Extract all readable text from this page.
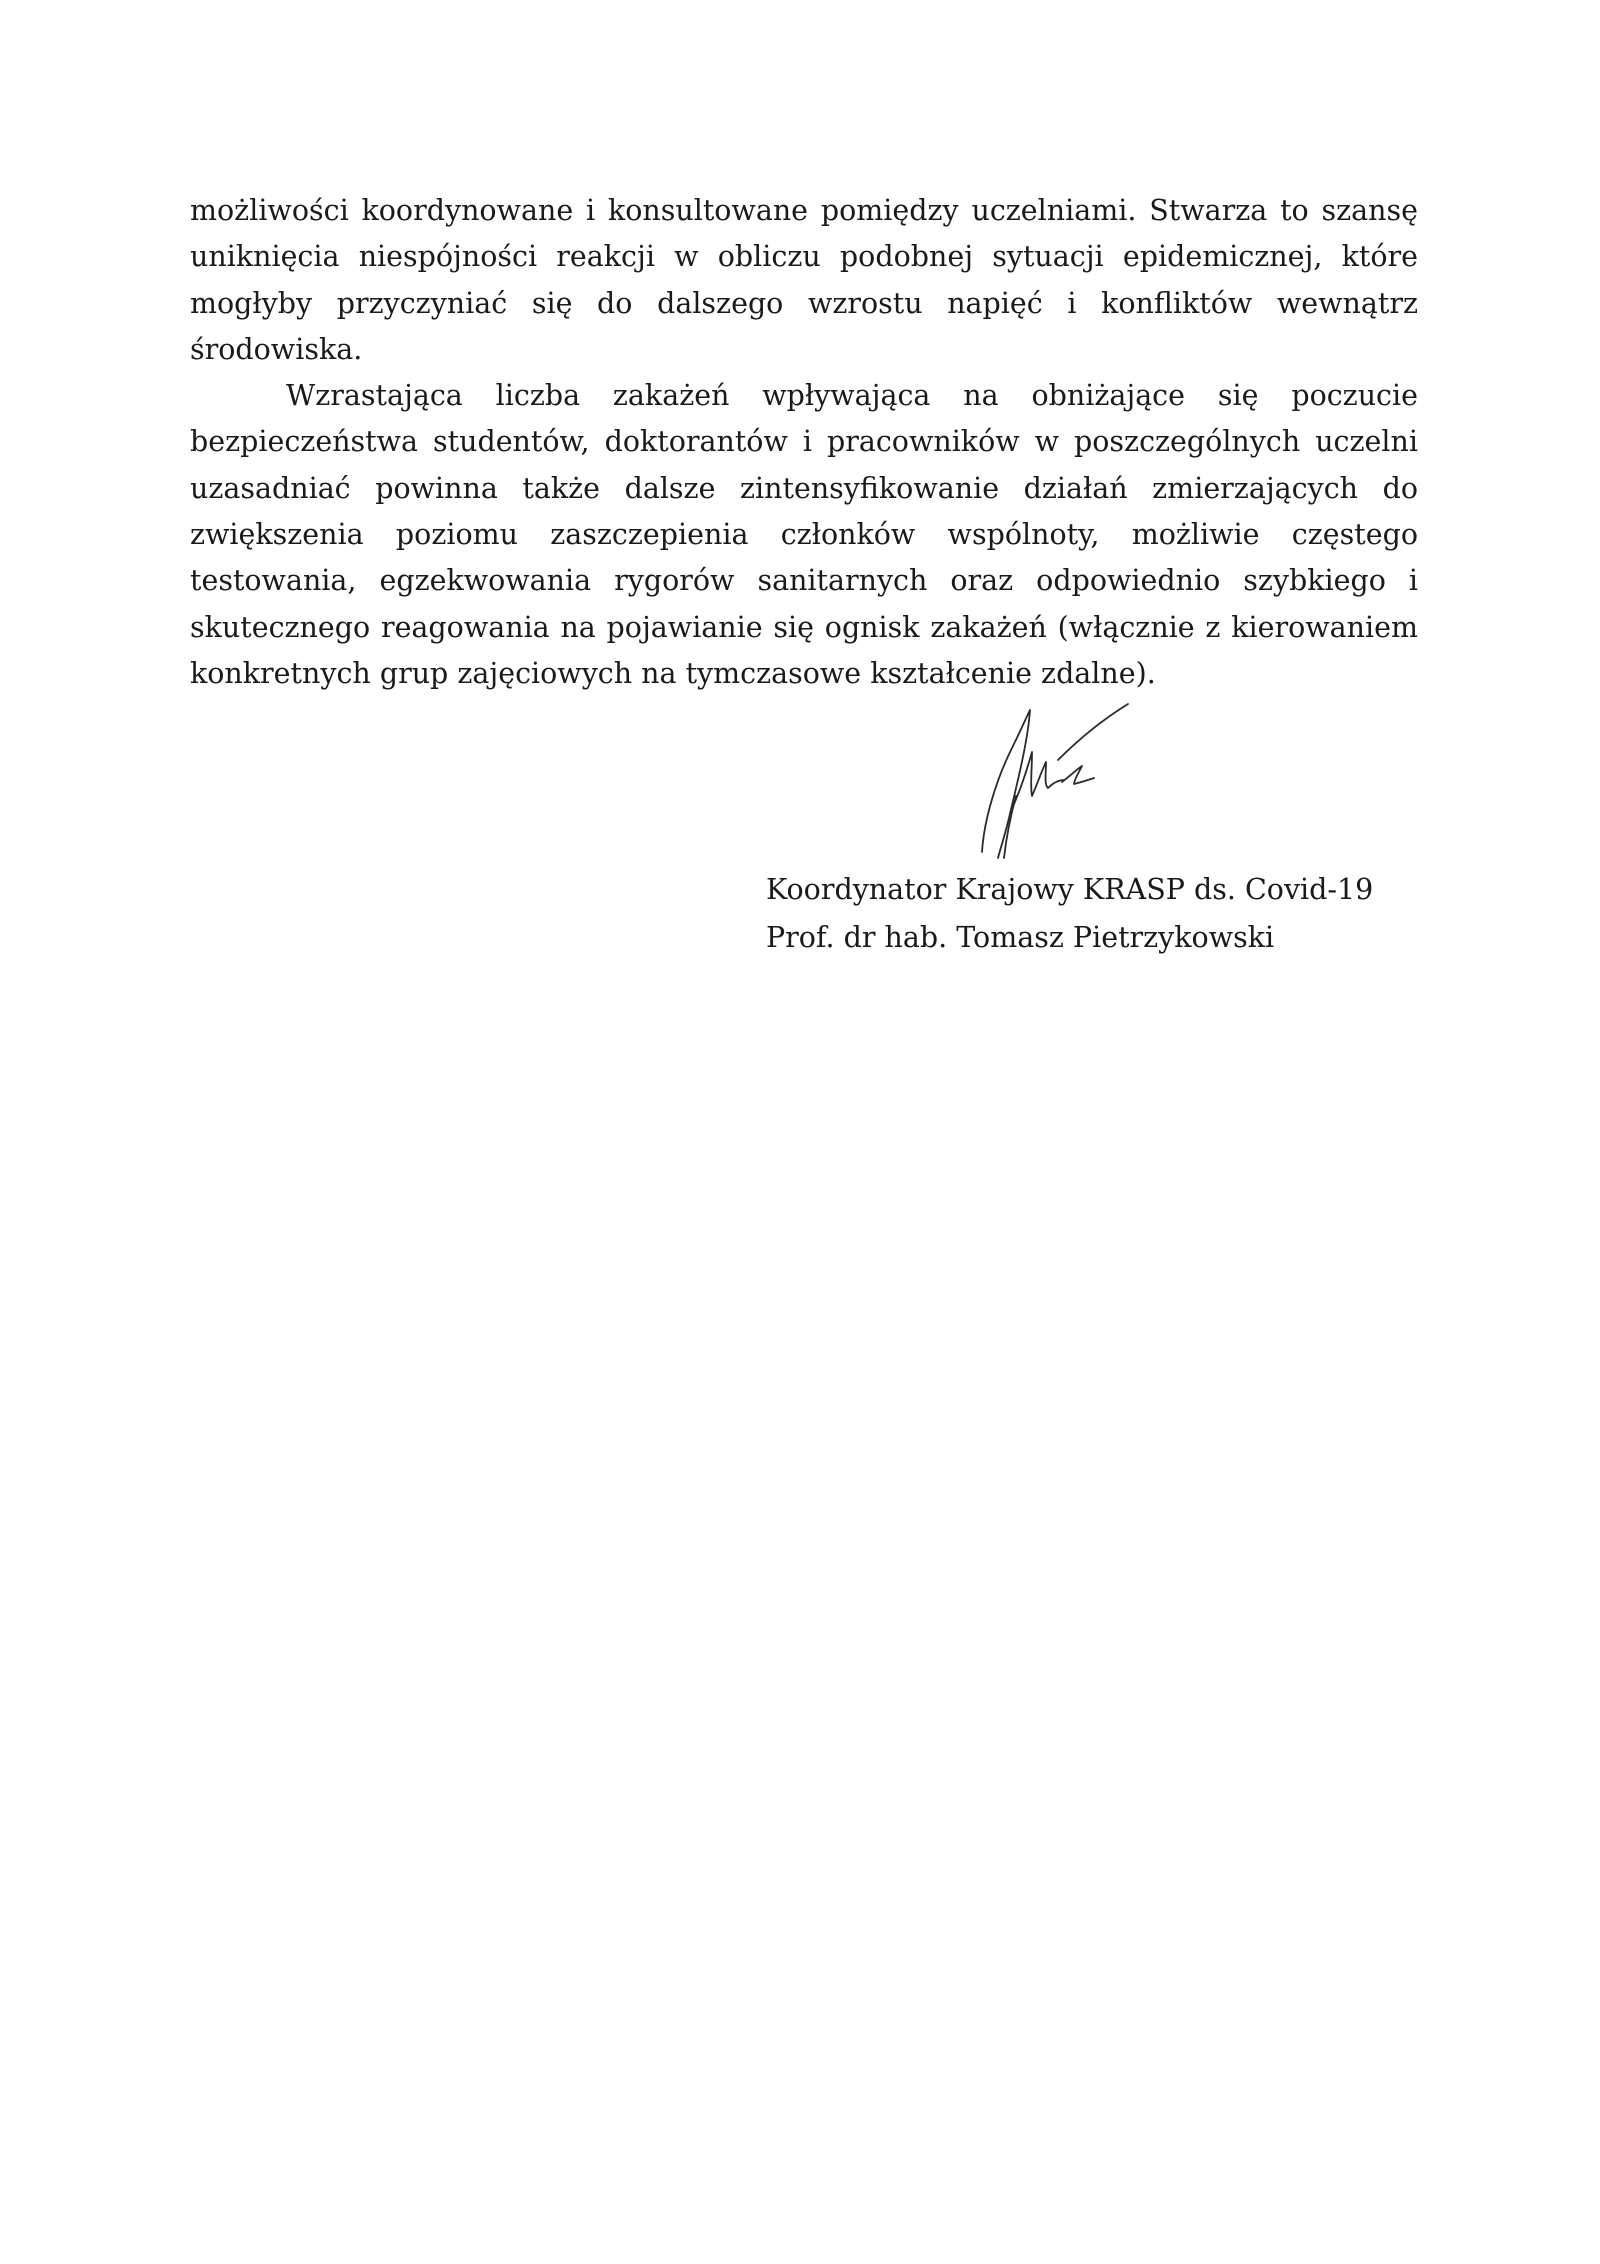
możliwości koordynowane i konsultowane pomiędzy uczelniami. Stwarza to szansę uniknięcia niespójności reakcji w obliczu podobnej sytuacji epidemicznej, które mogłyby przyczyniać się do dalszego wzrostu napięć i konfliktów wewnątrz środowiska.

Wzrastająca liczba zakażeń wpływająca na obniżające się poczucie bezpieczeństwa studentów, doktorantów i pracowników w poszczególnych uczelni uzasadniać powinna także dalsze zintensyfikowanie działań zmierzających do zwiększenia poziomu zaszczepienia członków wspólnoty, możliwie częstego testowania, egzekwowania rygorów sanitarnych oraz odpowiednio szybkiego i skutecznego reagowania na pojawianie się ognisk zakażeń (włącznie z kierowaniem konkretnych grup zajęciowych na tymczasowe kształcenie zdalne).

Koordynator Krajowy KRASP ds. Covid-19
Prof. dr hab. Tomasz Pietrzykowski
